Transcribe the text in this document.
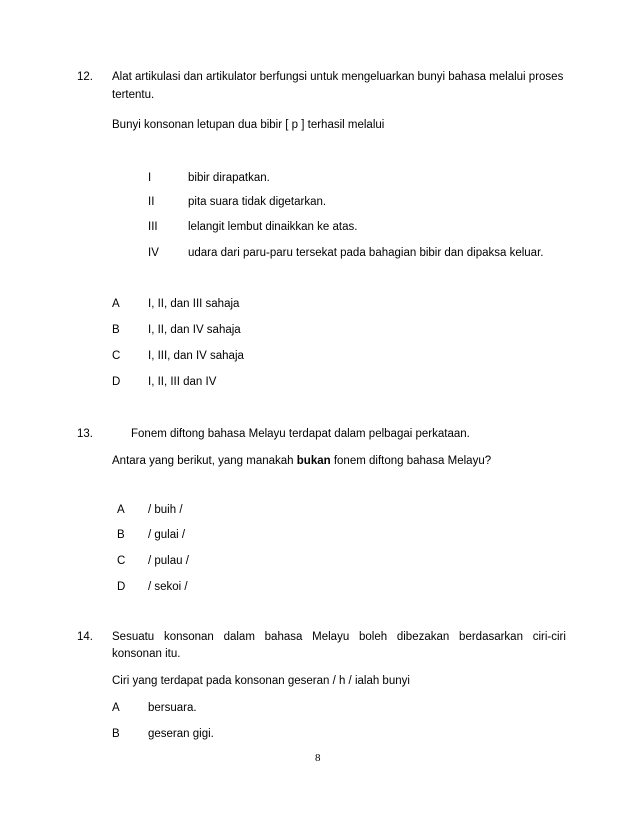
12. Alat artikulasi dan artikulator berfungsi untuk mengeluarkan bunyi bahasa melalui proses
tertentu.
Bunyi konsonan letupan dua bibir [ p ] terhasil melalui
I	bibir dirapatkan.
II	pita suara tidak digetarkan.
III	lelangit lembut dinaikkan ke atas.
IV	udara dari paru-paru tersekat pada bahagian bibir dan dipaksa keluar.
A I, II, dan III sahaja
B I, II, dan IV sahaja
C I, III, dan IV sahaja
D I, II, III dan IV
13.	Fonem diftong bahasa Melayu terdapat dalam pelbagai perkataan.
Antara yang berikut, yang manakah bukan fonem diftong bahasa Melayu?
A / buih /
B / gulai /
C / pulau /
D / sekoi /
14. Sesuatu konsonan dalam bahasa Melayu boleh dibezakan berdasarkan ciri-ciri
konsonan itu.
Ciri yang terdapat pada konsonan geseran / h / ialah bunyi
A bersuara.
B geseran gigi.
8
